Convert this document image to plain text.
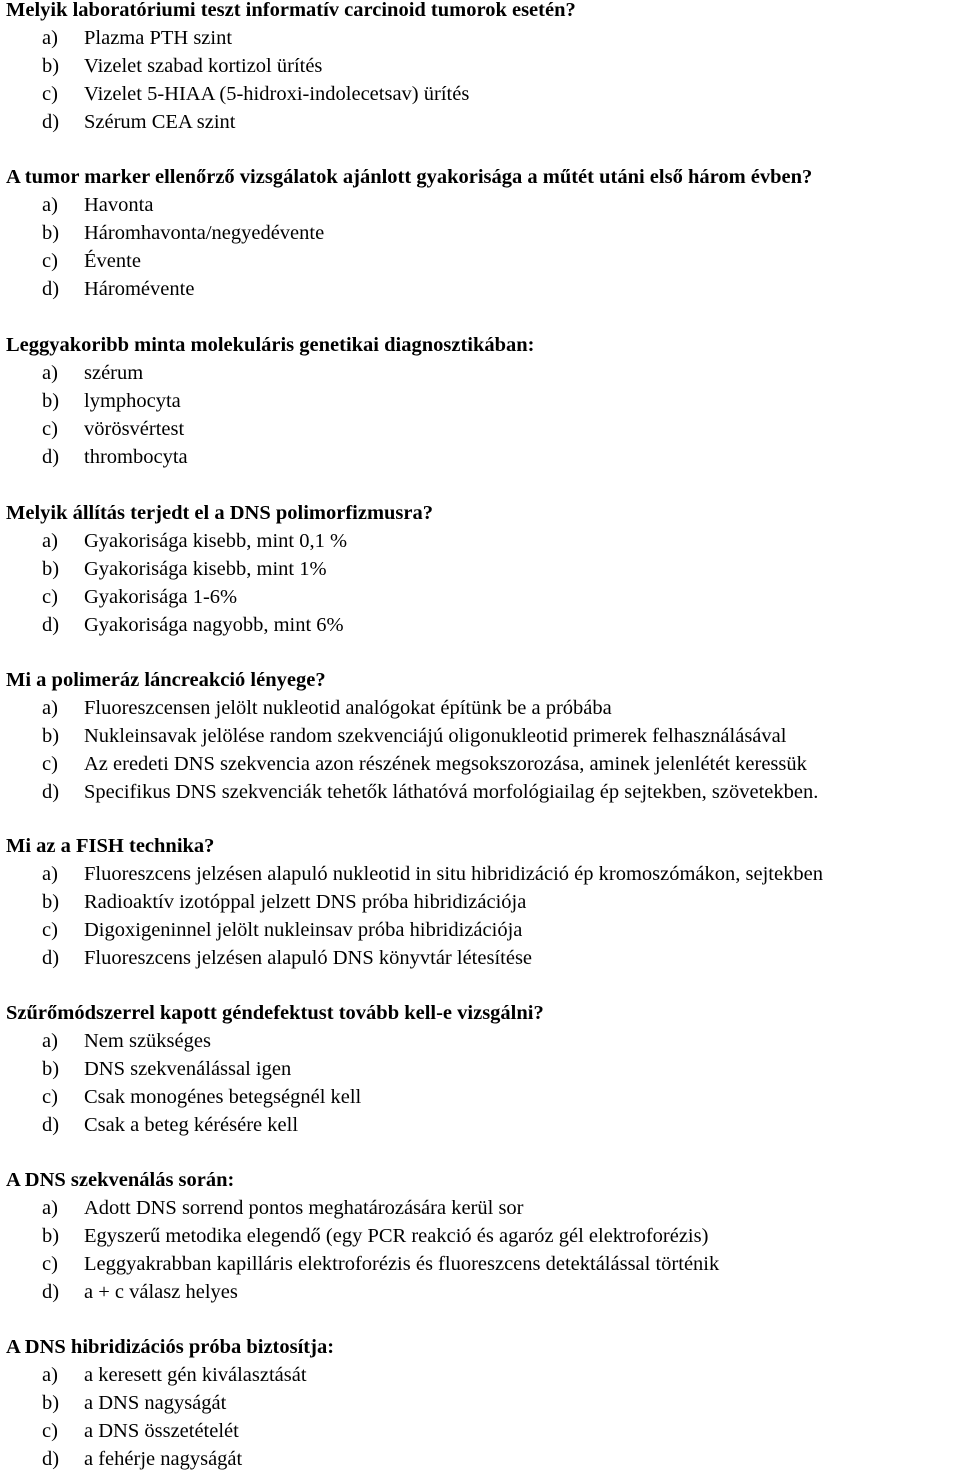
Melyik laboratóriumi teszt informatív carcinoid tumorok esetén?
a)	Plazma PTH szint
b)	Vizelet szabad kortizol ürítés
c)	Vizelet 5-HIAA (5-hidroxi-indolecetsav) ürítés
d)	Szérum CEA szint
A tumor marker ellenőrző vizsgálatok ajánlott gyakorisága a műtét utáni első három évben?
a)	Havonta
b)	Háromhavonta/negyedévente
c)	Évente
d)	Háromévente
Leggyakoribb minta molekuláris genetikai diagnosztikában:
a)	szérum
b)	lymphocyta
c)	vörösvértest
d)	thrombocyta
Melyik állítás terjedt el a DNS polimorfizmusra?
a)	Gyakorisága kisebb, mint 0,1 %
b)	Gyakorisága kisebb, mint 1%
c)	Gyakorisága 1-6%
d)	Gyakorisága nagyobb, mint 6%
Mi a polimeráz láncreakció lényege?
a)	Fluoreszcensen jelölt nukleotid analógokat építünk be a próbába
b)	Nukleinsavak jelölése random szekvenciájú oligonukleotid primerek felhasználásával
c)	Az eredeti DNS szekvencia azon részének megsokszorozása, aminek jelenlétét keressük
d)	Specifikus DNS szekvenciák tehetők láthatóvá morfológiailag ép sejtekben, szövetekben.
Mi az a FISH technika?
a)	Fluoreszcens jelzésen alapuló nukleotid in situ hibridizáció ép kromoszómákon, sejtekben
b)	Radioaktív izotóppal jelzett DNS próba hibridizációja
c)	Digoxigeninnel jelölt nukleinsav próba hibridizációja
d)	Fluoreszcens jelzésen alapuló DNS könyvtár létesítése
Szűrőmódszerrel kapott géndefektust tovább kell-e vizsgálni?
a)	Nem szükséges
b)	DNS szekvenálással igen
c)	Csak monogénes betegségnél kell
d)	Csak a beteg kérésére kell
A DNS szekvenálás során:
a)	Adott DNS sorrend pontos meghatározására kerül sor
b)	Egyszerű metodika elegendő (egy PCR reakció és agaróz gél elektroforézis)
c)	Leggyakrabban kapilláris elektroforézis és fluoreszcens detektálással történik
d)	a + c válasz helyes
A DNS hibridizációs próba biztosítja:
a)	a keresett gén kiválasztását
b)	a DNS nagyságát
c)	a DNS összetételét
d)	a fehérje nagyságát
